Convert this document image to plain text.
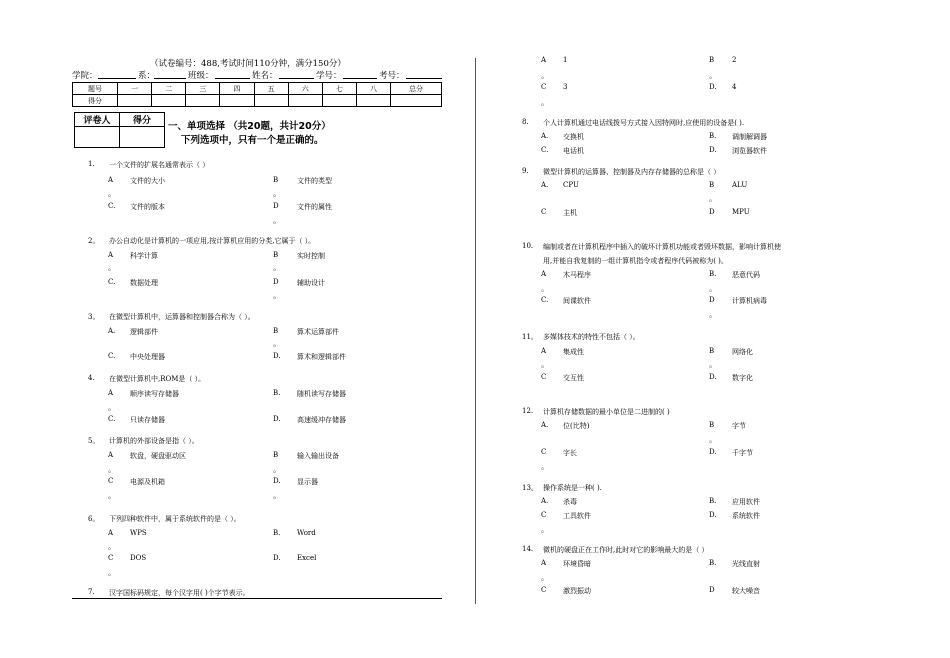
（试卷编号：488,考试时间110分钟，满分150分）
学院：	系：	班级：	姓名：	学号：	考号：
题号	一	二	三	四	五	六	七	八	总分
得分									
评卷人	得分
	一、单项选择 （共20题，共计20分）
下列选项中，只有一个是正确的。
1. 一个文件的扩展名通常表示（ ）
A 文件的大小	B	文件的类型
C. 文件的版本	D	文件的属性
。	。
。
2。 办公自动化是计算机的一项应用,按计算机应用的分类,它属于（ ）。
A 科学计算	B	实时控制
C. 数据处理	D	辅助设计
。	。
。
3。 在微型计算机中，运算器和控制器合称为（ ）。
A. 逻辑部件	B	算术运算部件
C. 中央处理器	D. 算术和逻辑部件
。
4. 在微型计算机中,ROM是（ ）。
A 顺序读写存储器	B. 随机读写存储器
C. 只读存储器	D. 高速缓冲存储器
。
5。 计算机的外部设备是指（ ）。
A 软盘，硬盘驱动区	B	输入输出设备
C 电源及机箱	D. 显示器
。	。
。	。
6。 下列四种软件中，属于系统软件的是（ ）。
A WPS	B. Word
C DOS	D. Excel
。
。
7. 汉字国标码规定，每个汉字用( )个字节表示。
A 1	B	2
C 3	D. 4
。	。
。
8. 个人计算机通过电话线拨号方式接入因特网时,应使用的设备是( ).
A. 交换机	B. 调制解调器
C. 电话机	D. 浏览器软件
9. 微型计算机的运算器、控制器及内存存储器的总称是（ ）
A. CPU	B	ALU
C 主机	D MPU
。
10. 编制或者在计算机程序中插入的破坏计算机功能或者毁坏数据，影响计算机使
用,并能自我复制的一组计算机指令或者程序代码被称为( )。
A 木马程序	B. 恶意代码
C. 间谍软件	D 计算机病毒
。	。
。
11。 多媒体技术的特性不包括（ ）。
A 集成性	B	网络化
C 交互性	D. 数字化
。	。
12. 计算机存储数据的最小单位是二进制的( )
A. 位(比特)	B	字节
C 字长	D. 千字节
。
。
13。 操作系统是一种( ).
A. 杀毒	B. 应用软件
C 工具软件	D. 系统软件
。
14. 微机的硬盘正在工作时,此时对它的影响最大的是（ ）
A 环境昏暗	B. 光线直射
C 激烈振动	D 较大噪音
。
